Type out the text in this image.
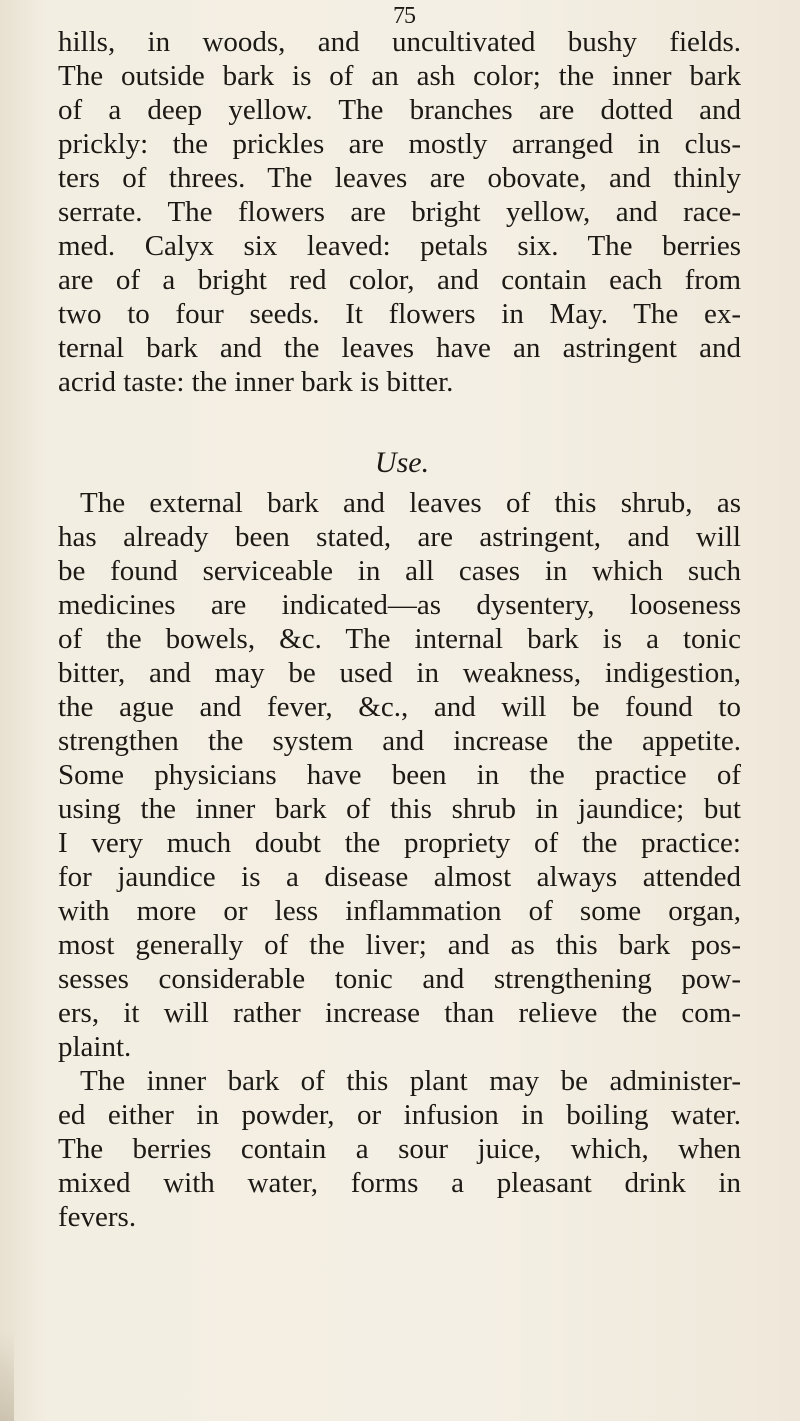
75
hills, in woods, and uncultivated bushy fields.
The outside bark is of an ash color; the inner bark
of a deep yellow. The branches are dotted and
prickly: the prickles are mostly arranged in clus-
ters of threes. The leaves are obovate, and thinly
serrate. The flowers are bright yellow, and race-
med. Calyx six leaved: petals six. The berries
are of a bright red color, and contain each from
two to four seeds. It flowers in May. The ex-
ternal bark and the leaves have an astringent and
acrid taste: the inner bark is bitter.
Use.
The external bark and leaves of this shrub, as
has already been stated, are astringent, and will
be found serviceable in all cases in which such
medicines are indicated—as dysentery, looseness
of the bowels, &c. The internal bark is a tonic
bitter, and may be used in weakness, indigestion,
the ague and fever, &c., and will be found to
strengthen the system and increase the appetite.
Some physicians have been in the practice of
using the inner bark of this shrub in jaundice; but
I very much doubt the propriety of the practice:
for jaundice is a disease almost always attended
with more or less inflammation of some organ,
most generally of the liver; and as this bark pos-
sesses considerable tonic and strengthening pow-
ers, it will rather increase than relieve the com-
plaint.
The inner bark of this plant may be administer-
ed either in powder, or infusion in boiling water.
The berries contain a sour juice, which, when
mixed with water, forms a pleasant drink in
fevers.
